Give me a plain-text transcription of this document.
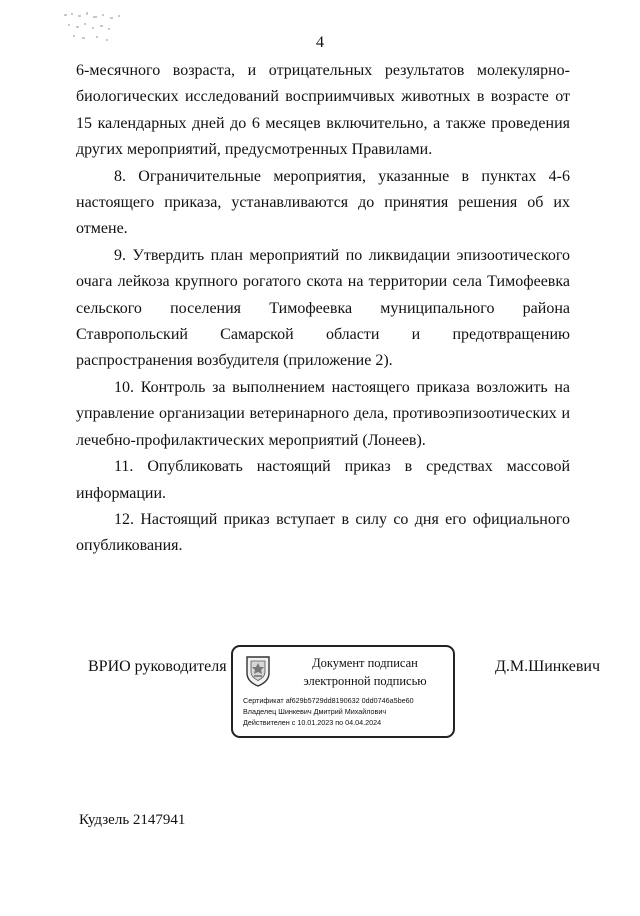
4

6-месячного возраста, и отрицательных результатов молекулярно-биологических исследований восприимчивых животных в возрасте от 15 календарных дней до 6 месяцев включительно, а также проведения других мероприятий, предусмотренных Правилами.

8. Ограничительные мероприятия, указанные в пунктах 4-6 настоящего приказа, устанавливаются до принятия решения об их отмене.

9. Утвердить план мероприятий по ликвидации эпизоотического очага лейкоза крупного рогатого скота на территории села Тимофеевка сельского поселения Тимофеевка муниципального района Ставропольский Самарской области и предотвращению распространения возбудителя (приложение 2).

10. Контроль за выполнением настоящего приказа возложить на управление организации ветеринарного дела, противоэпизоотических и лечебно-профилактических мероприятий (Лонеев).

11. Опубликовать настоящий приказ в средствах массовой информации.

12. Настоящий приказ вступает в силу со дня его официального опубликования.

ВРИО руководителя	Документ подписан
электронной подписью
Сертификат af629b5729dd8190632 0dd0746a5be60
Владелец Шинкевич Дмитрий Михайлович
Действителен с 10.01.2023 по 04.04.2024
Д.М.Шинкевич
Кудзель 2147941
